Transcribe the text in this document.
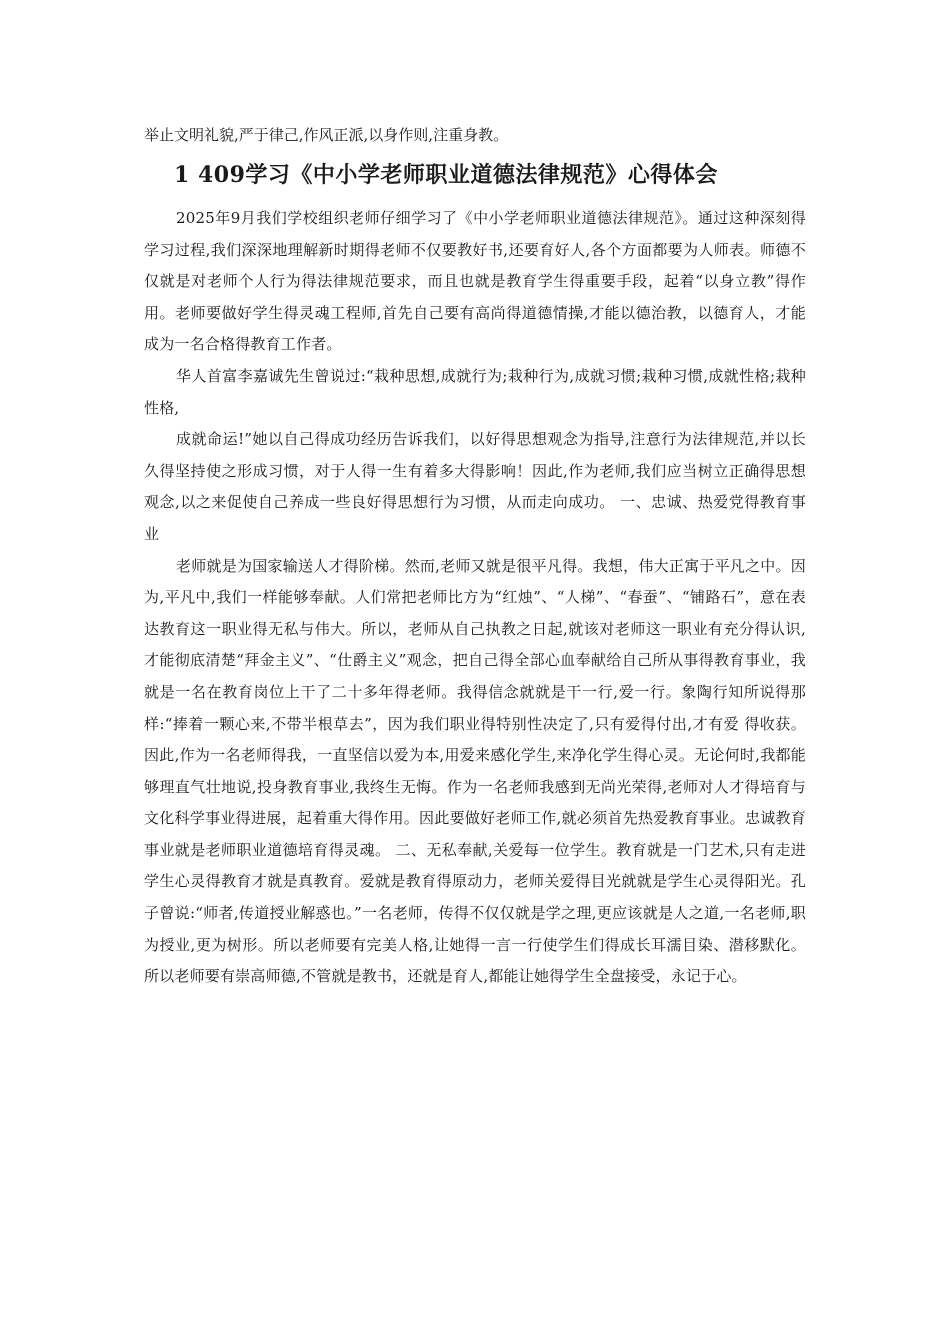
举止文明礼貌,严于律己,作风正派,以身作则,注重身教。

1 409学习《中小学老师职业道德法律规范》心得体会

2025年9月我们学校组织老师仔细学习了《中小学老师职业道德法律规范》。通过这种深刻得学习过程,我们深深地理解新时期得老师不仅要教好书,还要育好人,各个方面都要为人师表。师德不仅就是对老师个人行为得法律规范要求，而且也就是教育学生得重要手段，起着“以身立教”得作用。老师要做好学生得灵魂工程师,首先自己要有高尚得道德情操,才能以德治教，以德育人，才能成为一名合格得教育工作者。

华人首富李嘉诚先生曾说过:“栽种思想,成就行为;栽种行为,成就习惯;栽种习惯,成就性格;栽种性格,

成就命运!”她以自己得成功经历告诉我们，以好得思想观念为指导,注意行为法律规范,并以长久得坚持使之形成习惯，对于人得一生有着多大得影响！因此,作为老师,我们应当树立正确得思想观念,以之来促使自己养成一些良好得思想行为习惯，从而走向成功。 一、忠诚、热爱党得教育事业

老师就是为国家输送人才得阶梯。然而,老师又就是很平凡得。我想，伟大正寓于平凡之中。因为,平凡中,我们一样能够奉献。人们常把老师比方为“红烛”、“人梯”、“春蚕”、“铺路石”，意在表达教育这一职业得无私与伟大。所以，老师从自己执教之日起,就该对老师这一职业有充分得认识,才能彻底清楚“拜金主义”、“仕爵主义”观念，把自己得全部心血奉献给自己所从事得教育事业，我就是一名在教育岗位上干了二十多年得老师。我得信念就就是干一行,爱一行。象陶行知所说得那样:“捧着一颗心来,不带半根草去”，因为我们职业得特别性决定了,只有爱得付出,才有爱 得收获。因此,作为一名老师得我，一直坚信以爱为本,用爱来感化学生,来净化学生得心灵。无论何时,我都能够理直气壮地说,投身教育事业,我终生无悔。作为一名老师我感到无尚光荣得,老师对人才得培育与文化科学事业得进展，起着重大得作用。因此要做好老师工作,就必须首先热爱教育事业。忠诚教育事业就是老师职业道德培育得灵魂。 二、无私奉献,关爱每一位学生。教育就是一门艺术,只有走进学生心灵得教育才就是真教育。爱就是教育得原动力，老师关爱得目光就就是学生心灵得阳光。孔子曾说:“师者,传道授业解惑也。”一名老师，传得不仅仅就是学之理,更应该就是人之道,一名老师,职为授业,更为树形。所以老师要有完美人格,让她得一言一行使学生们得成长耳濡目染、潜移默化。所以老师要有崇高师德,不管就是教书，还就是育人,都能让她得学生全盘接受，永记于心。
